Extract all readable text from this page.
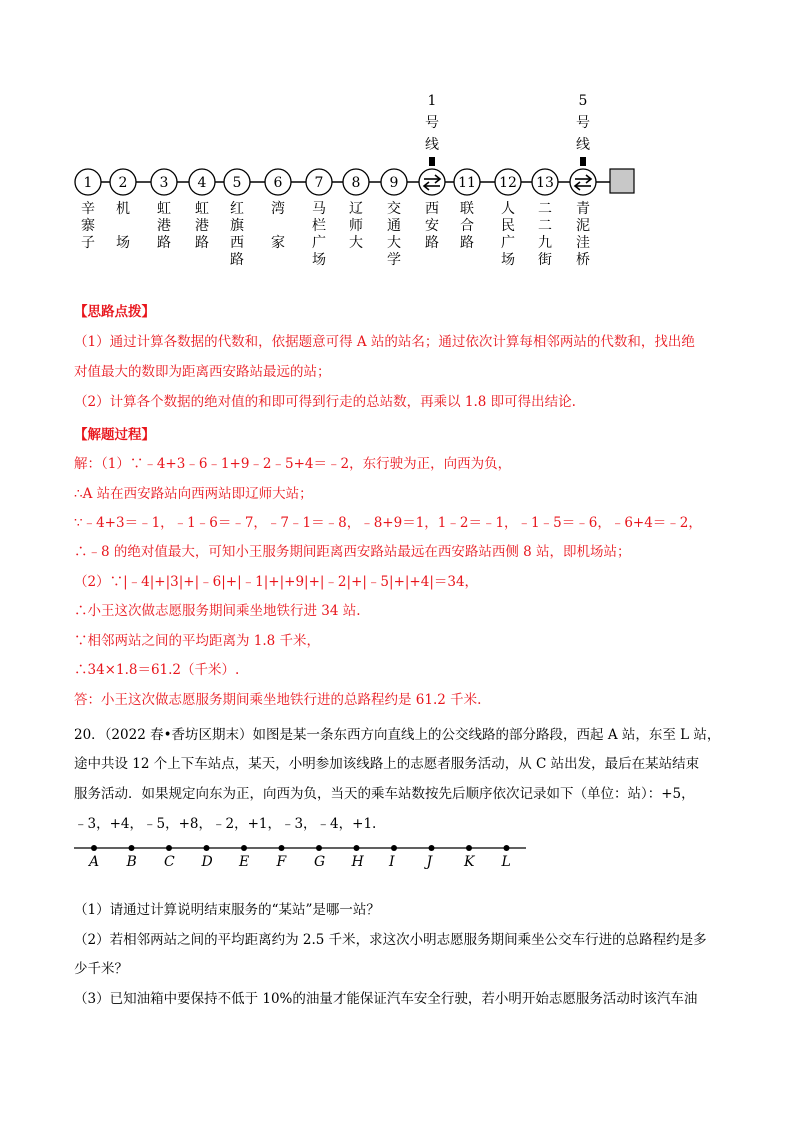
1 2 3 4 5 6 7 8 9	11 12 13
辛
寨
子
机
场
虹
港
路
虹
港
路
红
旗
西
路
湾
家
马
栏
广
场
辽
师
大
交
通
大
学
西
安
路
联
合
路
人
民
广
场
二
二
九
街
青
泥
洼
桥
1
号
线
5
号
线
【思路点拨】
（1）通过计算各数据的代数和，依据题意可得 A 站的站名；通过依次计算每相邻两站的代数和，找出绝
对值最大的数即为距离西安路站最远的站；
（2）计算各个数据的绝对值的和即可得到行走的总站数，再乘以 1.8 即可得出结论.
【解题过程】
解：（1）∵﹣4+3﹣6﹣1+9﹣2﹣5+4＝﹣2，东行驶为正，向西为负，
∴A 站在西安路站向西两站即辽师大站；
∵﹣4+3＝﹣1，﹣1﹣6＝﹣7，﹣7﹣1＝﹣8，﹣8+9＝1，1﹣2＝﹣1，﹣1﹣5＝﹣6，﹣6+4＝﹣2，
∴﹣8 的绝对值最大，可知小王服务期间距离西安路站最远在西安路站西侧 8 站，即机场站；
（2）∵|﹣4|+|3|+|﹣6|+|﹣1|+|+9|+|﹣2|+|﹣5|+|+4|＝34，
∴小王这次做志愿服务期间乘坐地铁行进 34 站.
∵相邻两站之间的平均距离为 1.8 千米，
∴34×1.8＝61.2（千米）.
答：小王这次做志愿服务期间乘坐地铁行进的总路程约是 61.2 千米.
20．（2022 春•香坊区期末）如图是某一条东西方向直线上的公交线路的部分路段，西起 A 站，东至 L 站，
途中共设 12 个上下车站点，某天，小明参加该线路上的志愿者服务活动，从 C 站出发，最后在某站结束
服务活动．如果规定向东为正，向西为负，当天的乘车站数按先后顺序依次记录如下（单位：站）：+5，
﹣3，+4，﹣5，+8，﹣2，+1，﹣3，﹣4，+1.
A B C D E F G H I J K L
（1）请通过计算说明结束服务的“某站”是哪一站？
（2）若相邻两站之间的平均距离约为 2.5 千米，求这次小明志愿服务期间乘坐公交车行进的总路程约是多
少千米？
（3）已知油箱中要保持不低于 10%的油量才能保证汽车安全行驶，若小明开始志愿服务活动时该汽车油
